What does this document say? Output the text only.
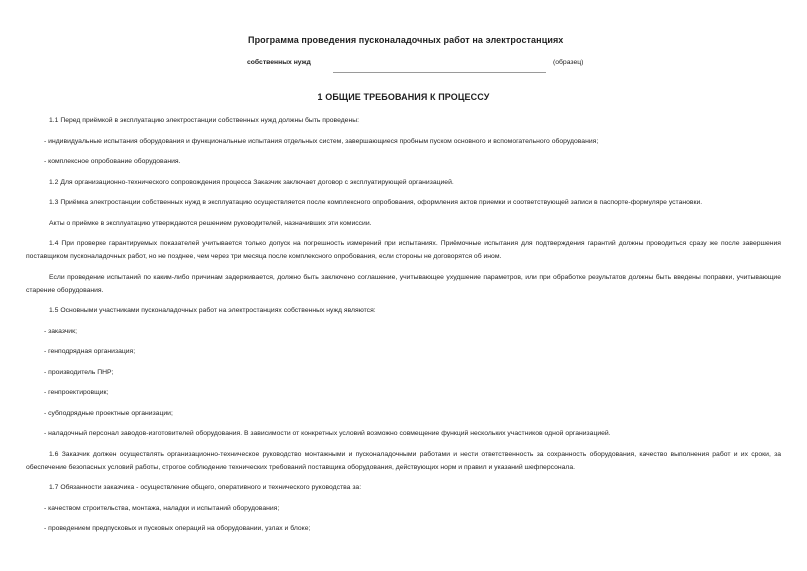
Программа проведения пусконаладочных работ на электростанциях
собственных нужд	(образец)
1 ОБЩИЕ ТРЕБОВАНИЯ К ПРОЦЕССУ

1.1 Перед приёмкой в эксплуатацию электростанции собственных нужд должны быть проведены:

- индивидуальные испытания оборудования и функциональные испытания отдельных систем, завершающиеся пробным пуском основного и вспомогательного оборудования;

- комплексное опробование оборудования.

1.2 Для организационно-технического сопровождения процесса Заказчик заключает договор с эксплуатирующей организацией.

1.3 Приёмка электростанции собственных нужд в эксплуатацию осуществляется после комплексного опробования, оформления актов приемки и соответствующей записи в паспорте-формуляре установки.

Акты о приёмке в эксплуатацию утверждаются решением руководителей, назначивших эти комиссии.

1.4 При проверке гарантируемых показателей учитывается только допуск на погрешность измерений при испытаниях. Приёмочные испытания для подтверждения гарантий должны проводиться сразу же после завершения поставщиком пусконаладочных работ, но не позднее, чем через три месяца после комплексного опробования, если стороны не договорятся об ином.

Если проведение испытаний по каким-либо причинам задерживается, должно быть заключено соглашение, учитывающее ухудшение параметров, или при обработке результатов должны быть введены поправки, учитывающие старение оборудования.

1.5 Основными участниками пусконаладочных работ на электростанциях собственных нужд являются:

- заказчик;

- генподрядная организация;

- производитель ПНР;

- генпроектировщик;

- субподрядные проектные организации;

- наладочный персонал заводов-изготовителей оборудования. В зависимости от конкретных условий возможно совмещение функций нескольких участников одной организацией.

1.6 Заказчик должен осуществлять организационно-техническое руководство монтажными и пусконаладочными работами и нести ответственность за сохранность оборудования, качество выполнения работ и их сроки, за обеспечение безопасных условий работы, строгое соблюдение технических требований поставщика оборудования, действующих норм и правил и указаний шефперсонала.

1.7 Обязанности заказчика - осуществление общего, оперативного и технического руководства за:

- качеством строительства, монтажа, наладки и испытаний оборудования;

- проведением предпусковых и пусковых операций на оборудовании, узлах и блоке;
